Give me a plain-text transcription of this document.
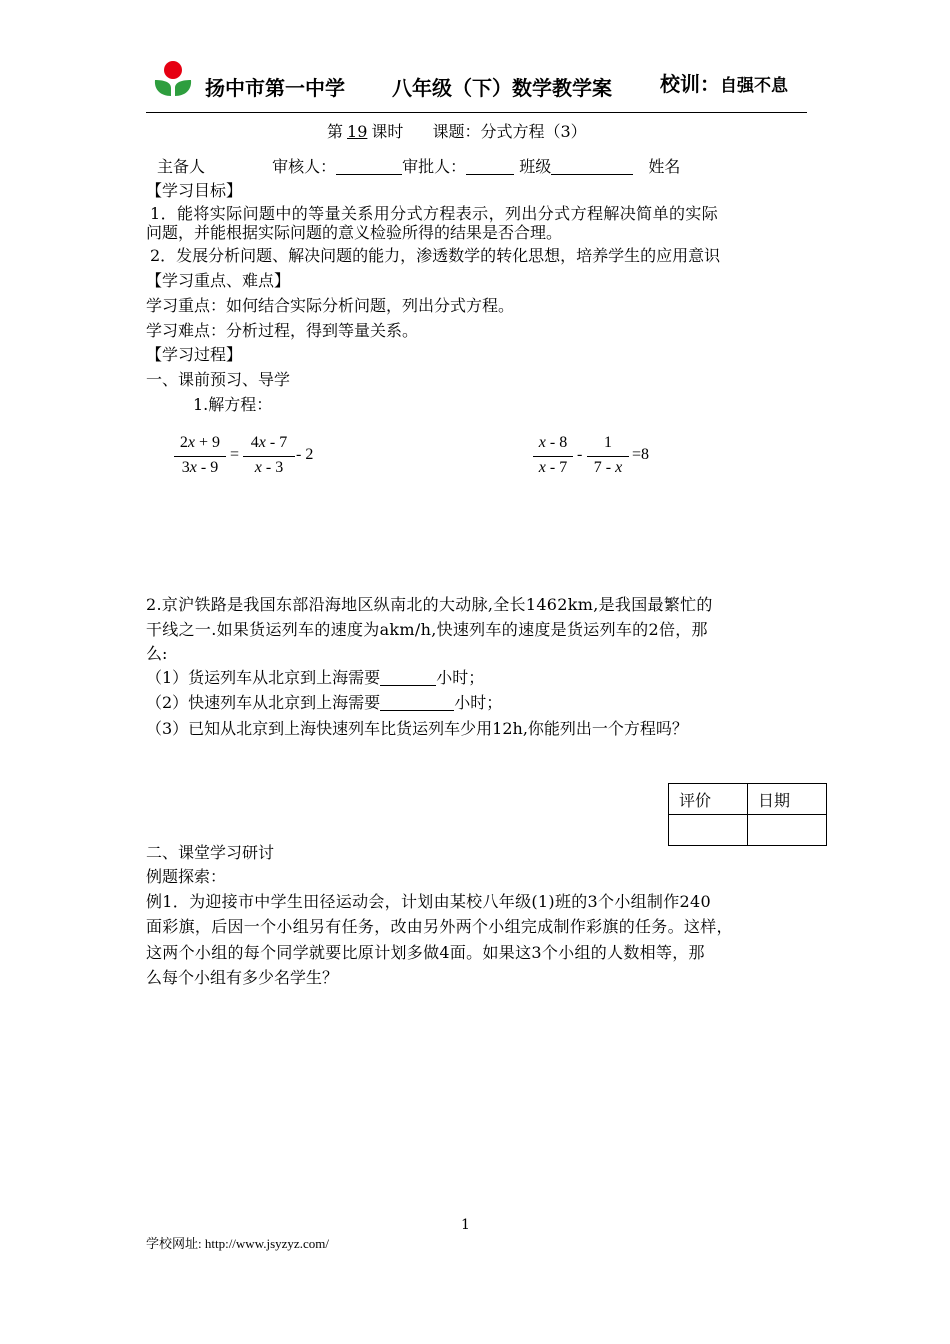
扬中市第一中学 八年级（下）数学教学案 校训：自强不息
第 19 课时 课题：分式方程（3）
主备人	审核人：	审批人：	班级	姓名
【学习目标】
1．能将实际问题中的等量关系用分式方程表示，列出分式方程解决简单的实际
问题，并能根据实际问题的意义检验所得的结果是否合理。
2．发展分析问题、解决问题的能力，渗透数学的转化思想，培养学生的应用意识
【学习重点、难点】
学习重点：如何结合实际分析问题，列出分式方程。
学习难点：分析过程，得到等量关系。
【学习过程】
一、课前预习、导学
1.解方程：
2x + 9
3x - 9
=
4x - 7
x - 3
- 2
x - 8
x - 7
-
1
7 - x
=8
2.京沪铁路是我国东部沿海地区纵南北的大动脉,全长1462km,是我国最繁忙的
干线之一.如果货运列车的速度为akm/h,快速列车的速度是货运列车的2倍，那
么:
（1）货运列车从北京到上海需要	小时；
（2）快速列车从北京到上海需要	小时；
（3）已知从北京到上海快速列车比货运列车少用12h,你能列出一个方程吗？
评价	日期

二、课堂学习研讨
例题探索：
例1．为迎接市中学生田径运动会，计划由某校八年级(1)班的3个小组制作240
面彩旗，后因一个小组另有任务，改由另外两个小组完成制作彩旗的任务。这样，
这两个小组的每个同学就要比原计划多做4面。如果这3个小组的人数相等，那
么每个小组有多少名学生？
1
学校网址: http://www.jsyzyz.com/
